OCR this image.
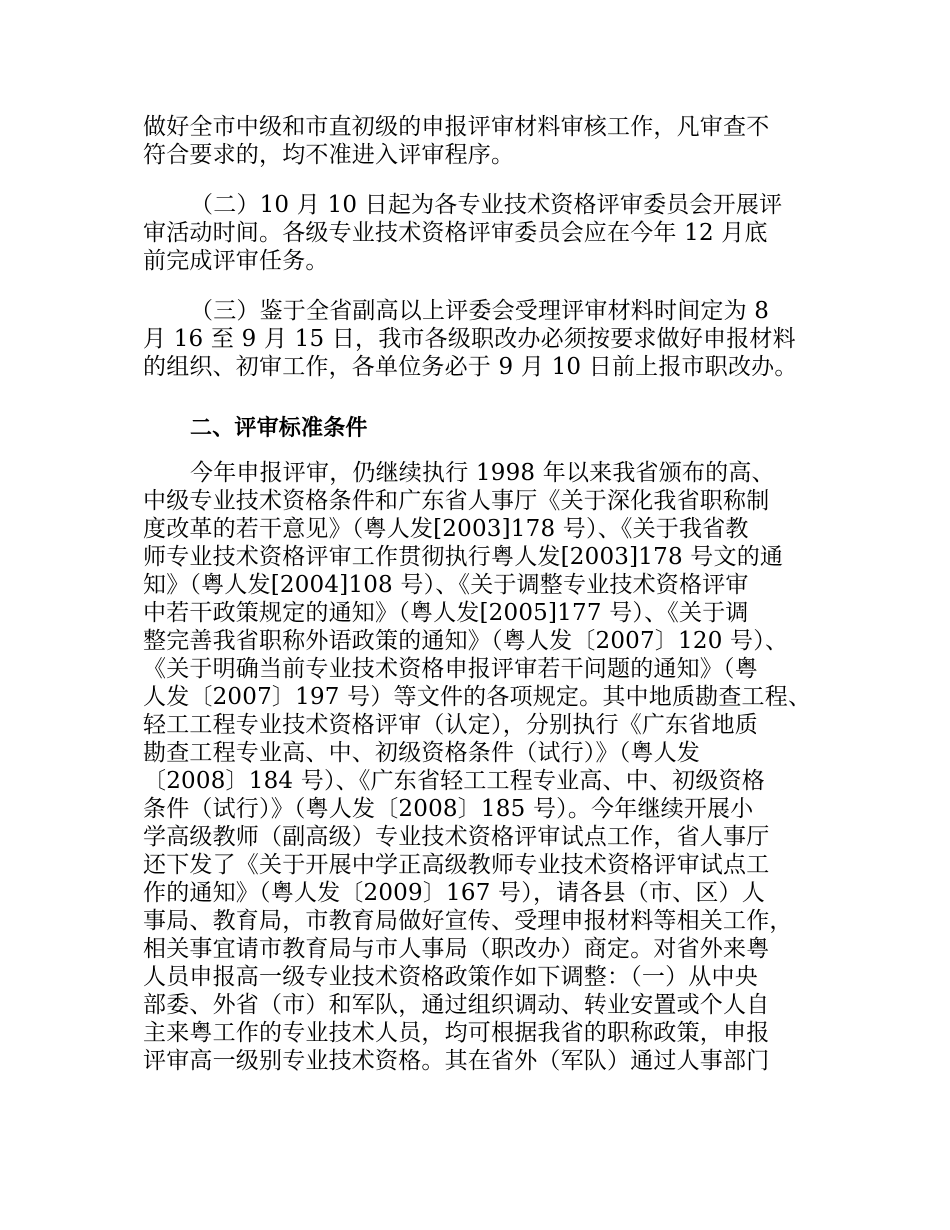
做好全市中级和市直初级的申报评审材料审核工作，凡审查不
符合要求的，均不准进入评审程序。
（二）10 月 10 日起为各专业技术资格评审委员会开展评
审活动时间。各级专业技术资格评审委员会应在今年 12 月底
前完成评审任务。
（三）鉴于全省副高以上评委会受理评审材料时间定为 8
月 16 至 9 月 15 日，我市各级职改办必须按要求做好申报材料
的组织、初审工作，各单位务必于 9 月 10 日前上报市职改办。
二、评审标准条件
今年申报评审，仍继续执行 1998 年以来我省颁布的高、
中级专业技术资格条件和广东省人事厅《关于深化我省职称制
度改革的若干意见》（粤人发[2003]178 号）、《关于我省教
师专业技术资格评审工作贯彻执行粤人发[2003]178 号文的通
知》（粤人发[2004]108 号）、《关于调整专业技术资格评审
中若干政策规定的通知》（粤人发[2005]177 号）、《关于调
整完善我省职称外语政策的通知》（粤人发〔2007〕120 号）、
《关于明确当前专业技术资格申报评审若干问题的通知》（粤
人发〔2007〕197 号）等文件的各项规定。其中地质勘查工程、
轻工工程专业技术资格评审（认定），分别执行《广东省地质
勘查工程专业高、中、初级资格条件（试行）》（粤人发
〔2008〕184 号）、《广东省轻工工程专业高、中、初级资格
条件（试行）》（粤人发〔2008〕185 号）。今年继续开展小
学高级教师（副高级）专业技术资格评审试点工作，省人事厅
还下发了《关于开展中学正高级教师专业技术资格评审试点工
作的通知》（粤人发〔2009〕167 号），请各县（市、区）人
事局、教育局，市教育局做好宣传、受理申报材料等相关工作，
相关事宜请市教育局与市人事局（职改办）商定。对省外来粤
人员申报高一级专业技术资格政策作如下调整：（一）从中央
部委、外省（市）和军队，通过组织调动、转业安置或个人自
主来粤工作的专业技术人员，均可根据我省的职称政策，申报
评审高一级别专业技术资格。其在省外（军队）通过人事部门
